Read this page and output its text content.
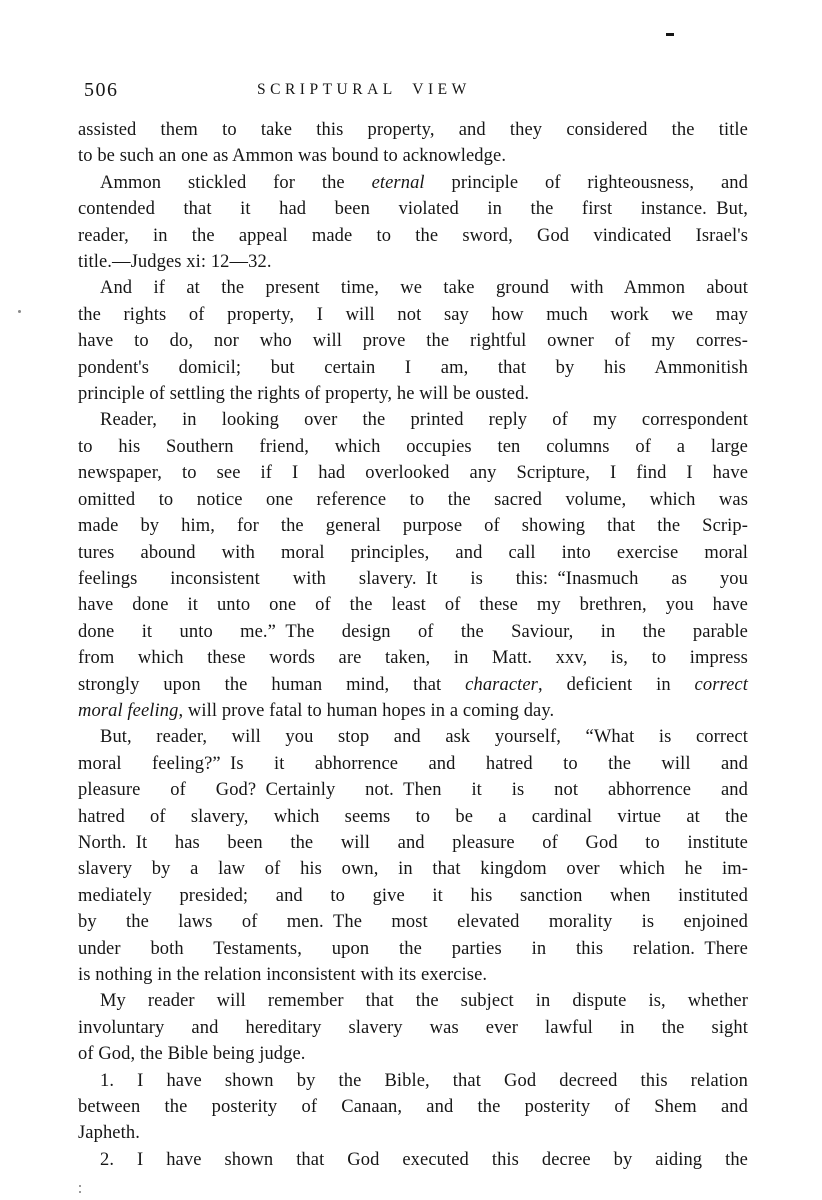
506	SCRIPTURAL VIEW
assisted them to take this property, and they considered the title
to be such an one as Ammon was bound to acknowledge.
Ammon stickled for the eternal principle of righteousness, and
contended that it had been violated in the first instance. But,
reader, in the appeal made to the sword, God vindicated Israel's
title.—Judges xi: 12—32.
And if at the present time, we take ground with Ammon about
the rights of property, I will not say how much work we may
have to do, nor who will prove the rightful owner of my corres-
pondent's domicil; but certain I am, that by his Ammonitish
principle of settling the rights of property, he will be ousted.
Reader, in looking over the printed reply of my correspondent
to his Southern friend, which occupies ten columns of a large
newspaper, to see if I had overlooked any Scripture, I find I have
omitted to notice one reference to the sacred volume, which was
made by him, for the general purpose of showing that the Scrip-
tures abound with moral principles, and call into exercise moral
feelings inconsistent with slavery. It is this: “Inasmuch as you
have done it unto one of the least of these my brethren, you have
done it unto me.” The design of the Saviour, in the parable
from which these words are taken, in Matt. xxv, is, to impress
strongly upon the human mind, that character, deficient in correct
moral feeling, will prove fatal to human hopes in a coming day.
But, reader, will you stop and ask yourself, “What is correct
moral feeling?” Is it abhorrence and hatred to the will and
pleasure of God? Certainly not. Then it is not abhorrence and
hatred of slavery, which seems to be a cardinal virtue at the
North. It has been the will and pleasure of God to institute
slavery by a law of his own, in that kingdom over which he im-
mediately presided; and to give it his sanction when instituted
by the laws of men. The most elevated morality is enjoined
under both Testaments, upon the parties in this relation. There
is nothing in the relation inconsistent with its exercise.
My reader will remember that the subject in dispute is, whether
involuntary and hereditary slavery was ever lawful in the sight
of God, the Bible being judge.
1. I have shown by the Bible, that God decreed this relation
between the posterity of Canaan, and the posterity of Shem and
Japheth.
2. I have shown that God executed this decree by aiding the
